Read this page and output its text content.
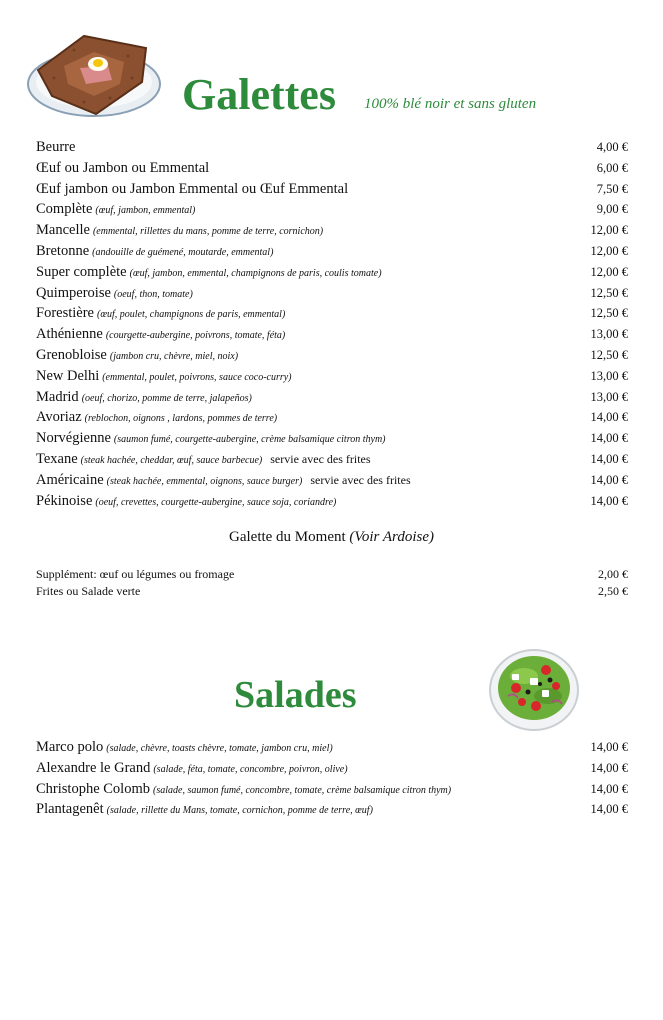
Galettes 100% blé noir et sans gluten
Beurre	4,00 €
Œuf ou Jambon ou Emmental	6,00 €
Œuf jambon ou Jambon Emmental ou Œuf Emmental	7,50 €
Complète (œuf, jambon, emmental)	9,00 €
Mancelle (emmental, rillettes du mans, pomme de terre, cornichon)	12,00 €
Bretonne (andouille de guémené, moutarde, emmental)	12,00 €
Super complète (œuf, jambon, emmental, champignons de paris, coulis tomate)	12,00 €
Quimperoise (oeuf, thon, tomate)	12,50 €
Forestière (œuf, poulet, champignons de paris, emmental)	12,50 €
Athénienne (courgette-aubergine, poivrons, tomate, féta)	13,00 €
Grenobloise (jambon cru, chèvre, miel, noix)	12,50 €
New Delhi (emmental, poulet, poivrons, sauce coco-curry)	13,00 €
Madrid (oeuf, chorizo, pomme de terre, jalapeños)	13,00 €
Avoriaz (reblochon, oignons , lardons, pommes de terre)	14,00 €
Norvégienne (saumon fumé, courgette-aubergine, crème balsamique citron thym)	14,00 €
Texane (steak hachée, cheddar, œuf, sauce barbecue) servie avec des frites	14,00 €
Américaine (steak hachée, emmental, oignons, sauce burger) servie avec des frites	14,00 €
Pékinoise (oeuf, crevettes, courgette-aubergine, sauce soja, coriandre)	14,00 €
Galette du Moment (Voir Ardoise)
Supplément: œuf ou légumes ou fromage	2,00 €
Frites ou Salade verte	2,50 €
Salades
Marco polo (salade, chèvre, toasts chèvre, tomate, jambon cru, miel)	14,00 €
Alexandre le Grand (salade, féta, tomate, concombre, poivron, olive)	14,00 €
Christophe Colomb (salade, saumon fumé, concombre, tomate, crème balsamique citron thym)	14,00 €
Plantagenêt (salade, rillette du Mans, tomate, cornichon, pomme de terre, œuf)	14,00 €
